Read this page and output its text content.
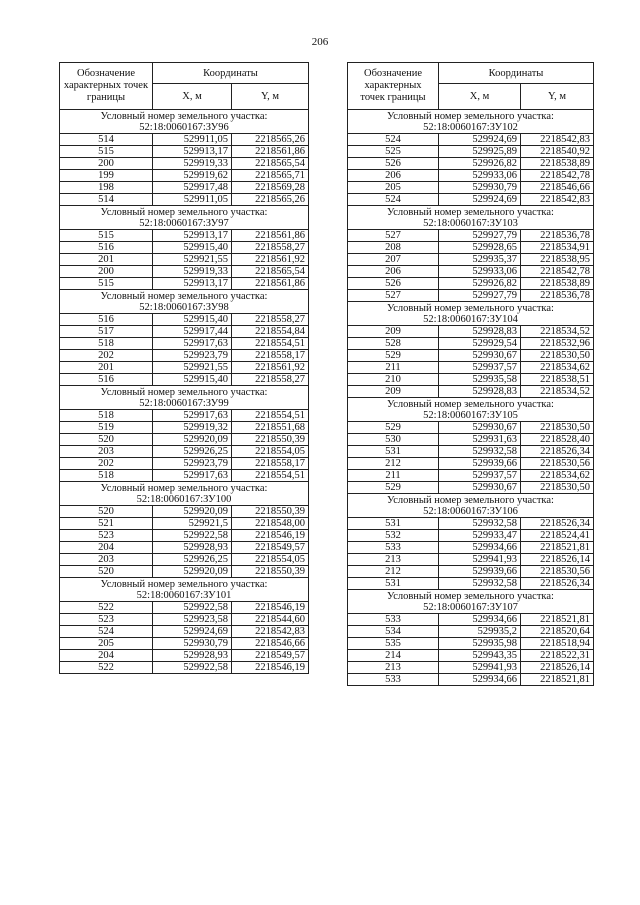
206
Обозначение характерных точек границы	Координаты	
	X, м	Y, м
Условный номер земельного участка:
52:18:0060167:ЗУ96		
514	529911,05	2218565,26
515	529913,17	2218561,86
200	529919,33	2218565,54
199	529919,62	2218565,71
198	529917,48	2218569,28
514	529911,05	2218565,26
Условный номер земельного участка:
52:18:0060167:ЗУ97		
515	529913,17	2218561,86
516	529915,40	2218558,27
201	529921,55	2218561,92
200	529919,33	2218565,54
515	529913,17	2218561,86
Условный номер земельного участка:
52:18:0060167:ЗУ98		
516	529915,40	2218558,27
517	529917,44	2218554,84
518	529917,63	2218554,51
202	529923,79	2218558,17
201	529921,55	2218561,92
516	529915,40	2218558,27
Условный номер земельного участка:
52:18:0060167:ЗУ99		
518	529917,63	2218554,51
519	529919,32	2218551,68
520	529920,09	2218550,39
203	529926,25	2218554,05
202	529923,79	2218558,17
518	529917,63	2218554,51
Условный номер земельного участка:
52:18:0060167:ЗУ100		
520	529920,09	2218550,39
521	529921,5	2218548,00
523	529922,58	2218546,19
204	529928,93	2218549,57
203	529926,25	2218554,05
520	529920,09	2218550,39
Условный номер земельного участка:
52:18:0060167:ЗУ101		
522	529922,58	2218546,19
523	529923,58	2218544,60
524	529924,69	2218542,83
205	529930,79	2218546,66
204	529928,93	2218549,57
522	529922,58	2218546,19
Обозначение характерных точек границы	Координаты	
	X, м	Y, м
Условный номер земельного участка:
52:18:0060167:ЗУ102		
524	529924,69	2218542,83
525	529925,89	2218540,92
526	529926,82	2218538,89
206	529933,06	2218542,78
205	529930,79	2218546,66
524	529924,69	2218542,83
Условный номер земельного участка:
52:18:0060167:ЗУ103		
527	529927,79	2218536,78
208	529928,65	2218534,91
207	529935,37	2218538,95
206	529933,06	2218542,78
526	529926,82	2218538,89
527	529927,79	2218536,78
Условный номер земельного участка:
52:18:0060167:ЗУ104		
209	529928,83	2218534,52
528	529929,54	2218532,96
529	529930,67	2218530,50
211	529937,57	2218534,62
210	529935,58	2218538,51
209	529928,83	2218534,52
Условный номер земельного участка:
52:18:0060167:ЗУ105		
529	529930,67	2218530,50
530	529931,63	2218528,40
531	529932,58	2218526,34
212	529939,66	2218530,56
211	529937,57	2218534,62
529	529930,67	2218530,50
Условный номер земельного участка:
52:18:0060167:ЗУ106		
531	529932,58	2218526,34
532	529933,47	2218524,41
533	529934,66	2218521,81
213	529941,93	2218526,14
212	529939,66	2218530,56
531	529932,58	2218526,34
Условный номер земельного участка:
52:18:0060167:ЗУ107		
533	529934,66	2218521,81
534	529935,2	2218520,64
535	529935,98	2218518,94
214	529943,35	2218522,31
213	529941,93	2218526,14
533	529934,66	2218521,81
